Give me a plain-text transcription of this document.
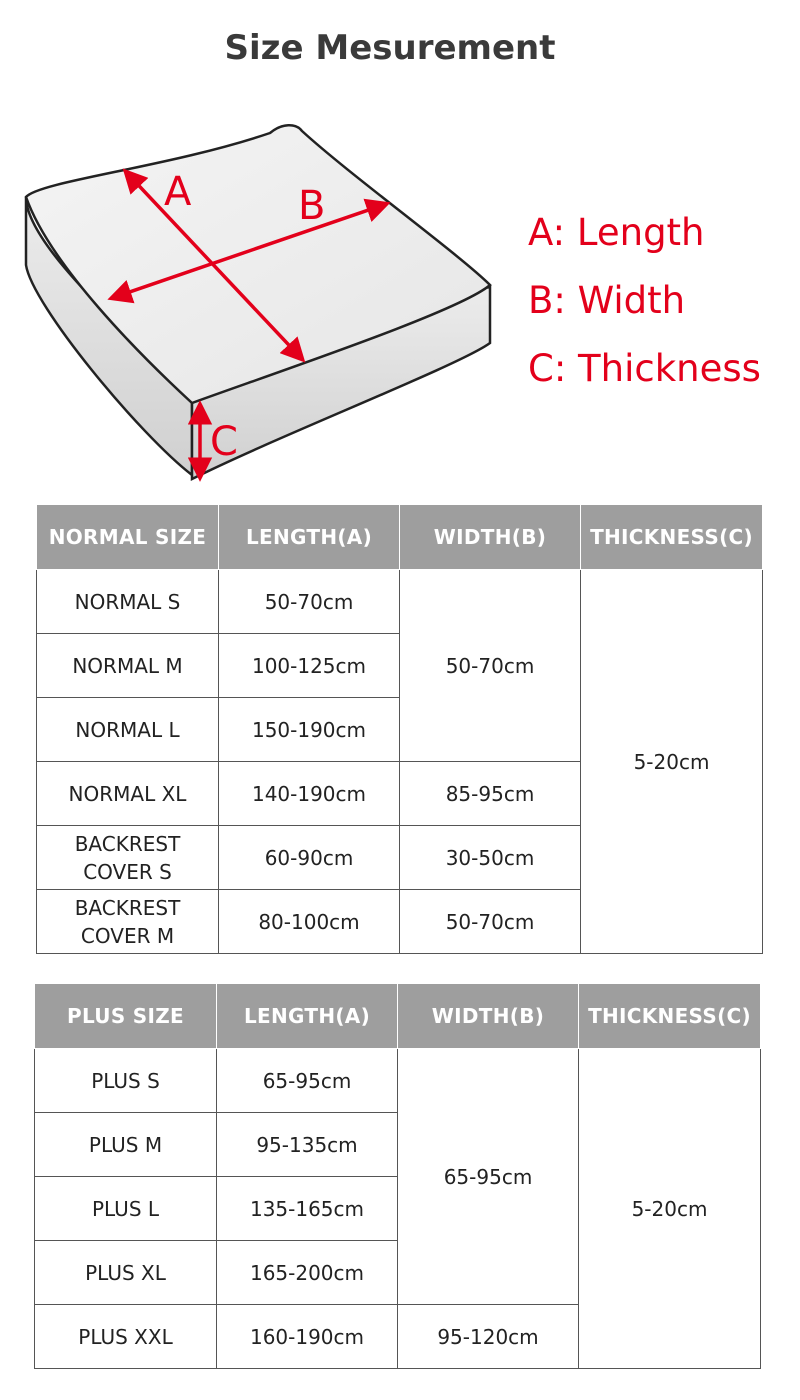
Size Mesurement
A	B
C
A: Length
B: Width
C: Thickness
NORMAL SIZE	LENGTH(A)	WIDTH(B)	THICKNESS(C)
NORMAL S	50-70cm	50-70cm	5-20cm
NORMAL M	100-125cm		
NORMAL L	150-190cm		
NORMAL XL	140-190cm	85-95cm	
BACKREST COVER S	60-90cm	30-50cm	
BACKREST COVER M	80-100cm	50-70cm	
PLUS SIZE	LENGTH(A)	WIDTH(B)	THICKNESS(C)
PLUS S	65-95cm	65-95cm	5-20cm
PLUS M	95-135cm		
PLUS L	135-165cm		
PLUS XL	165-200cm		
PLUS XXL	160-190cm	95-120cm	
